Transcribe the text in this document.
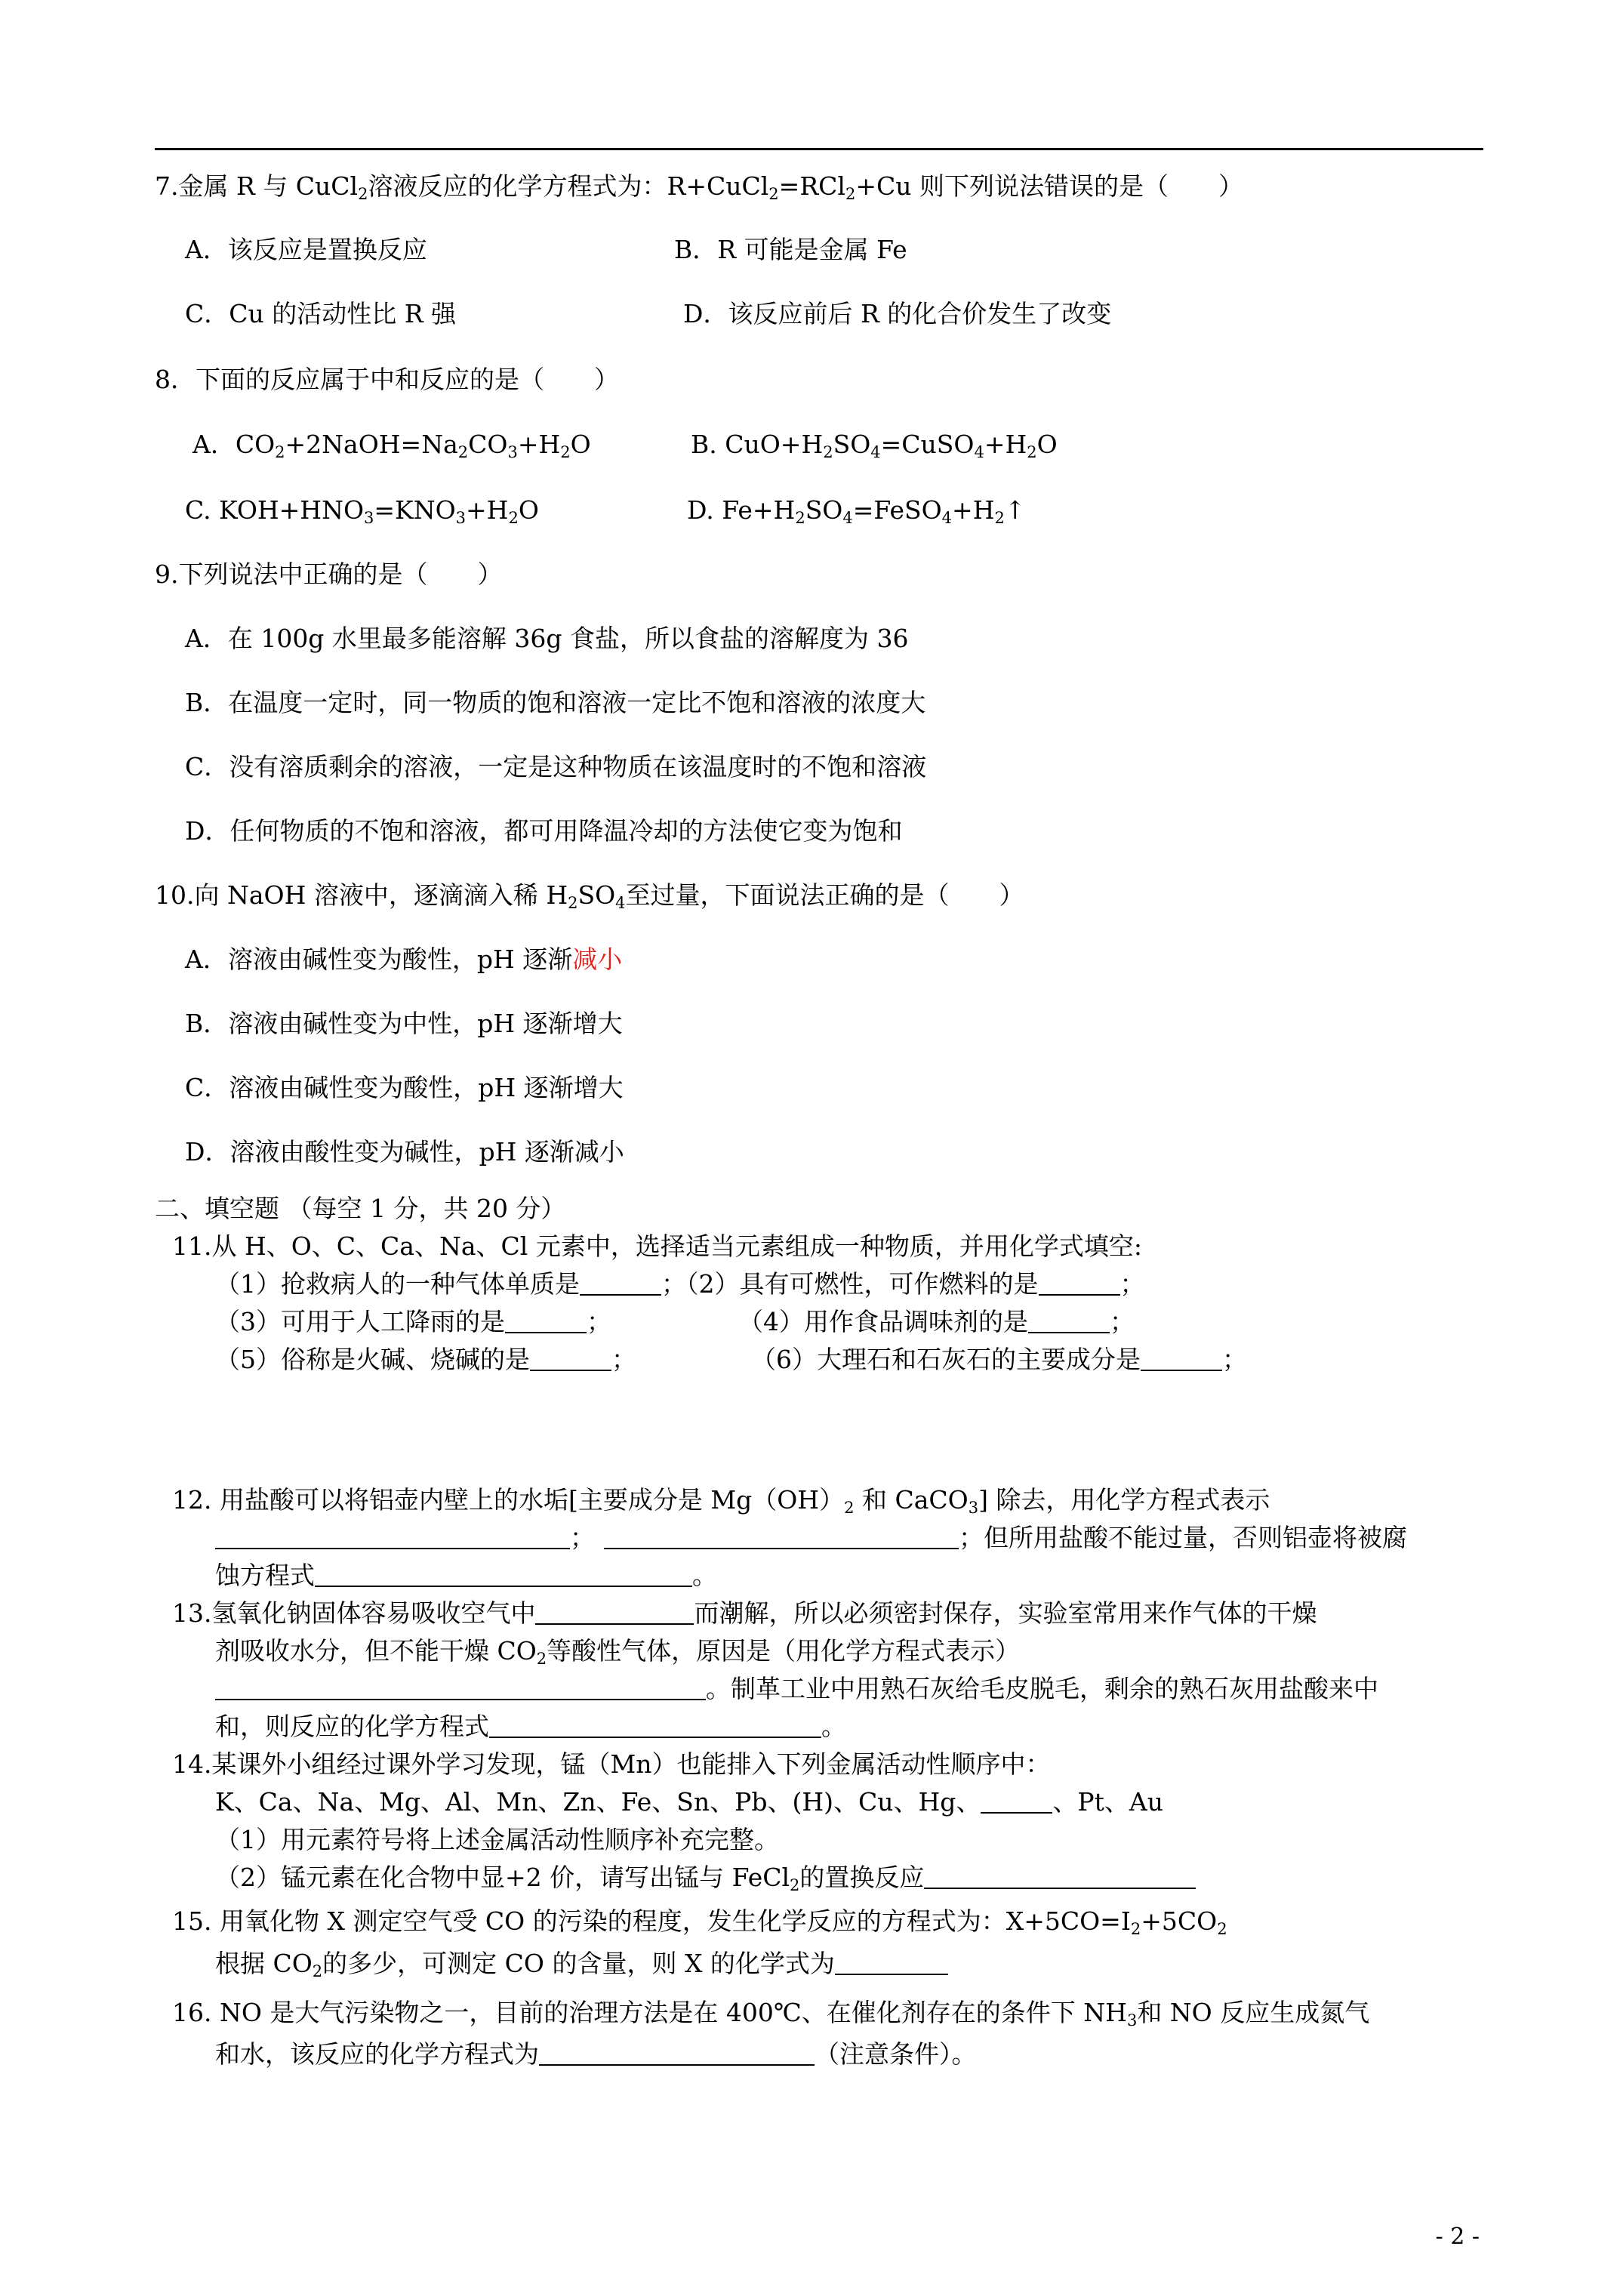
7.金属 R 与 CuCl$_2$溶液反应的化学方程式为：R+CuCl$_2$=RCl$_2$+Cu 则下列说法错误的是（　　）
A．该反应是置换反应	B．R 可能是金属 Fe
C．Cu 的活动性比 R 强	D．该反应前后 R 的化合价发生了改变
8．下面的反应属于中和反应的是（　　）
A．$CO_2+2NaOH=Na_2CO_3+H_2O$	B. $CuO+H_2SO_4=CuSO_4+H_2O$
C. $KOH+HNO_3=KNO_3+H_2O$	D. $Fe+H_2SO_4=FeSO_4+H_2↑$
9.下列说法中正确的是（　　）
A．在 100g 水里最多能溶解 36g 食盐，所以食盐的溶解度为 36
B．在温度一定时，同一物质的饱和溶液一定比不饱和溶液的浓度大
C．没有溶质剩余的溶液，一定是这种物质在该温度时的不饱和溶液
D．任何物质的不饱和溶液，都可用降温冷却的方法使它变为饱和
10.向 NaOH 溶液中，逐滴滴入稀 $H_2SO_4$至过量，下面说法正确的是（　　）
A．溶液由碱性变为酸性，pH 逐渐减小
B．溶液由碱性变为中性，pH 逐渐增大
C．溶液由碱性变为酸性，pH 逐渐增大
D．溶液由酸性变为碱性，pH 逐渐减小
二、填空题 （每空 1 分，共 20 分）
11.从 H、O、C、Ca、Na、Cl 元素中，选择适当元素组成一种物质，并用化学式填空:
（1）抢救病人的一种气体单质是	；（2）具有可燃性，可作燃料的是	；
（3）可用于人工降雨的是	；	（4）用作食品调味剂的是	；
（5）俗称是火碱、烧碱的是	；	（6）大理石和石灰石的主要成分是	；
12. 用盐酸可以将铝壶内壁上的水垢[主要成分是 $Mg(OH)_2$ 和 CaCO$_3$] 除去，用化学方程式表示
；	；但所用盐酸不能过量，否则铝壶将被腐
蚀方程式	。
13.氢氧化钠固体容易吸收空气中	而潮解，所以必须密封保存，实验室常用来作气体的干燥
剂吸收水分，但不能干燥 $CO_2$等酸性气体，原因是（用化学方程式表示）
。制革工业中用熟石灰给毛皮脱毛，剩余的熟石灰用盐酸来中
和，则反应的化学方程式	。
14.某课外小组经过课外学习发现，锰（Mn）也能排入下列金属活动性顺序中：
K、Ca、Na、Mg、Al、Mn、Zn、Fe、Sn、Pb、(H)、Cu、Hg、	、Pt、Au
（1）用元素符号将上述金属活动性顺序补充完整。
（2）锰元素在化合物中显+2 价，请写出锰与 FeCl$_2$的置换反应
15. 用氧化物 X 测定空气受 CO 的污染的程度，发生化学反应的方程式为：$X+5CO=I_2+5CO_2$
根据 $CO_2$的多少，可测定 CO 的含量，则 X 的化学式为
16. NO 是大气污染物之一，目前的治理方法是在 400℃、在催化剂存在的条件下 $NH_3$和 NO 反应生成氮气
和水，该反应的化学方程式为	（注意条件）。
- 2 -
